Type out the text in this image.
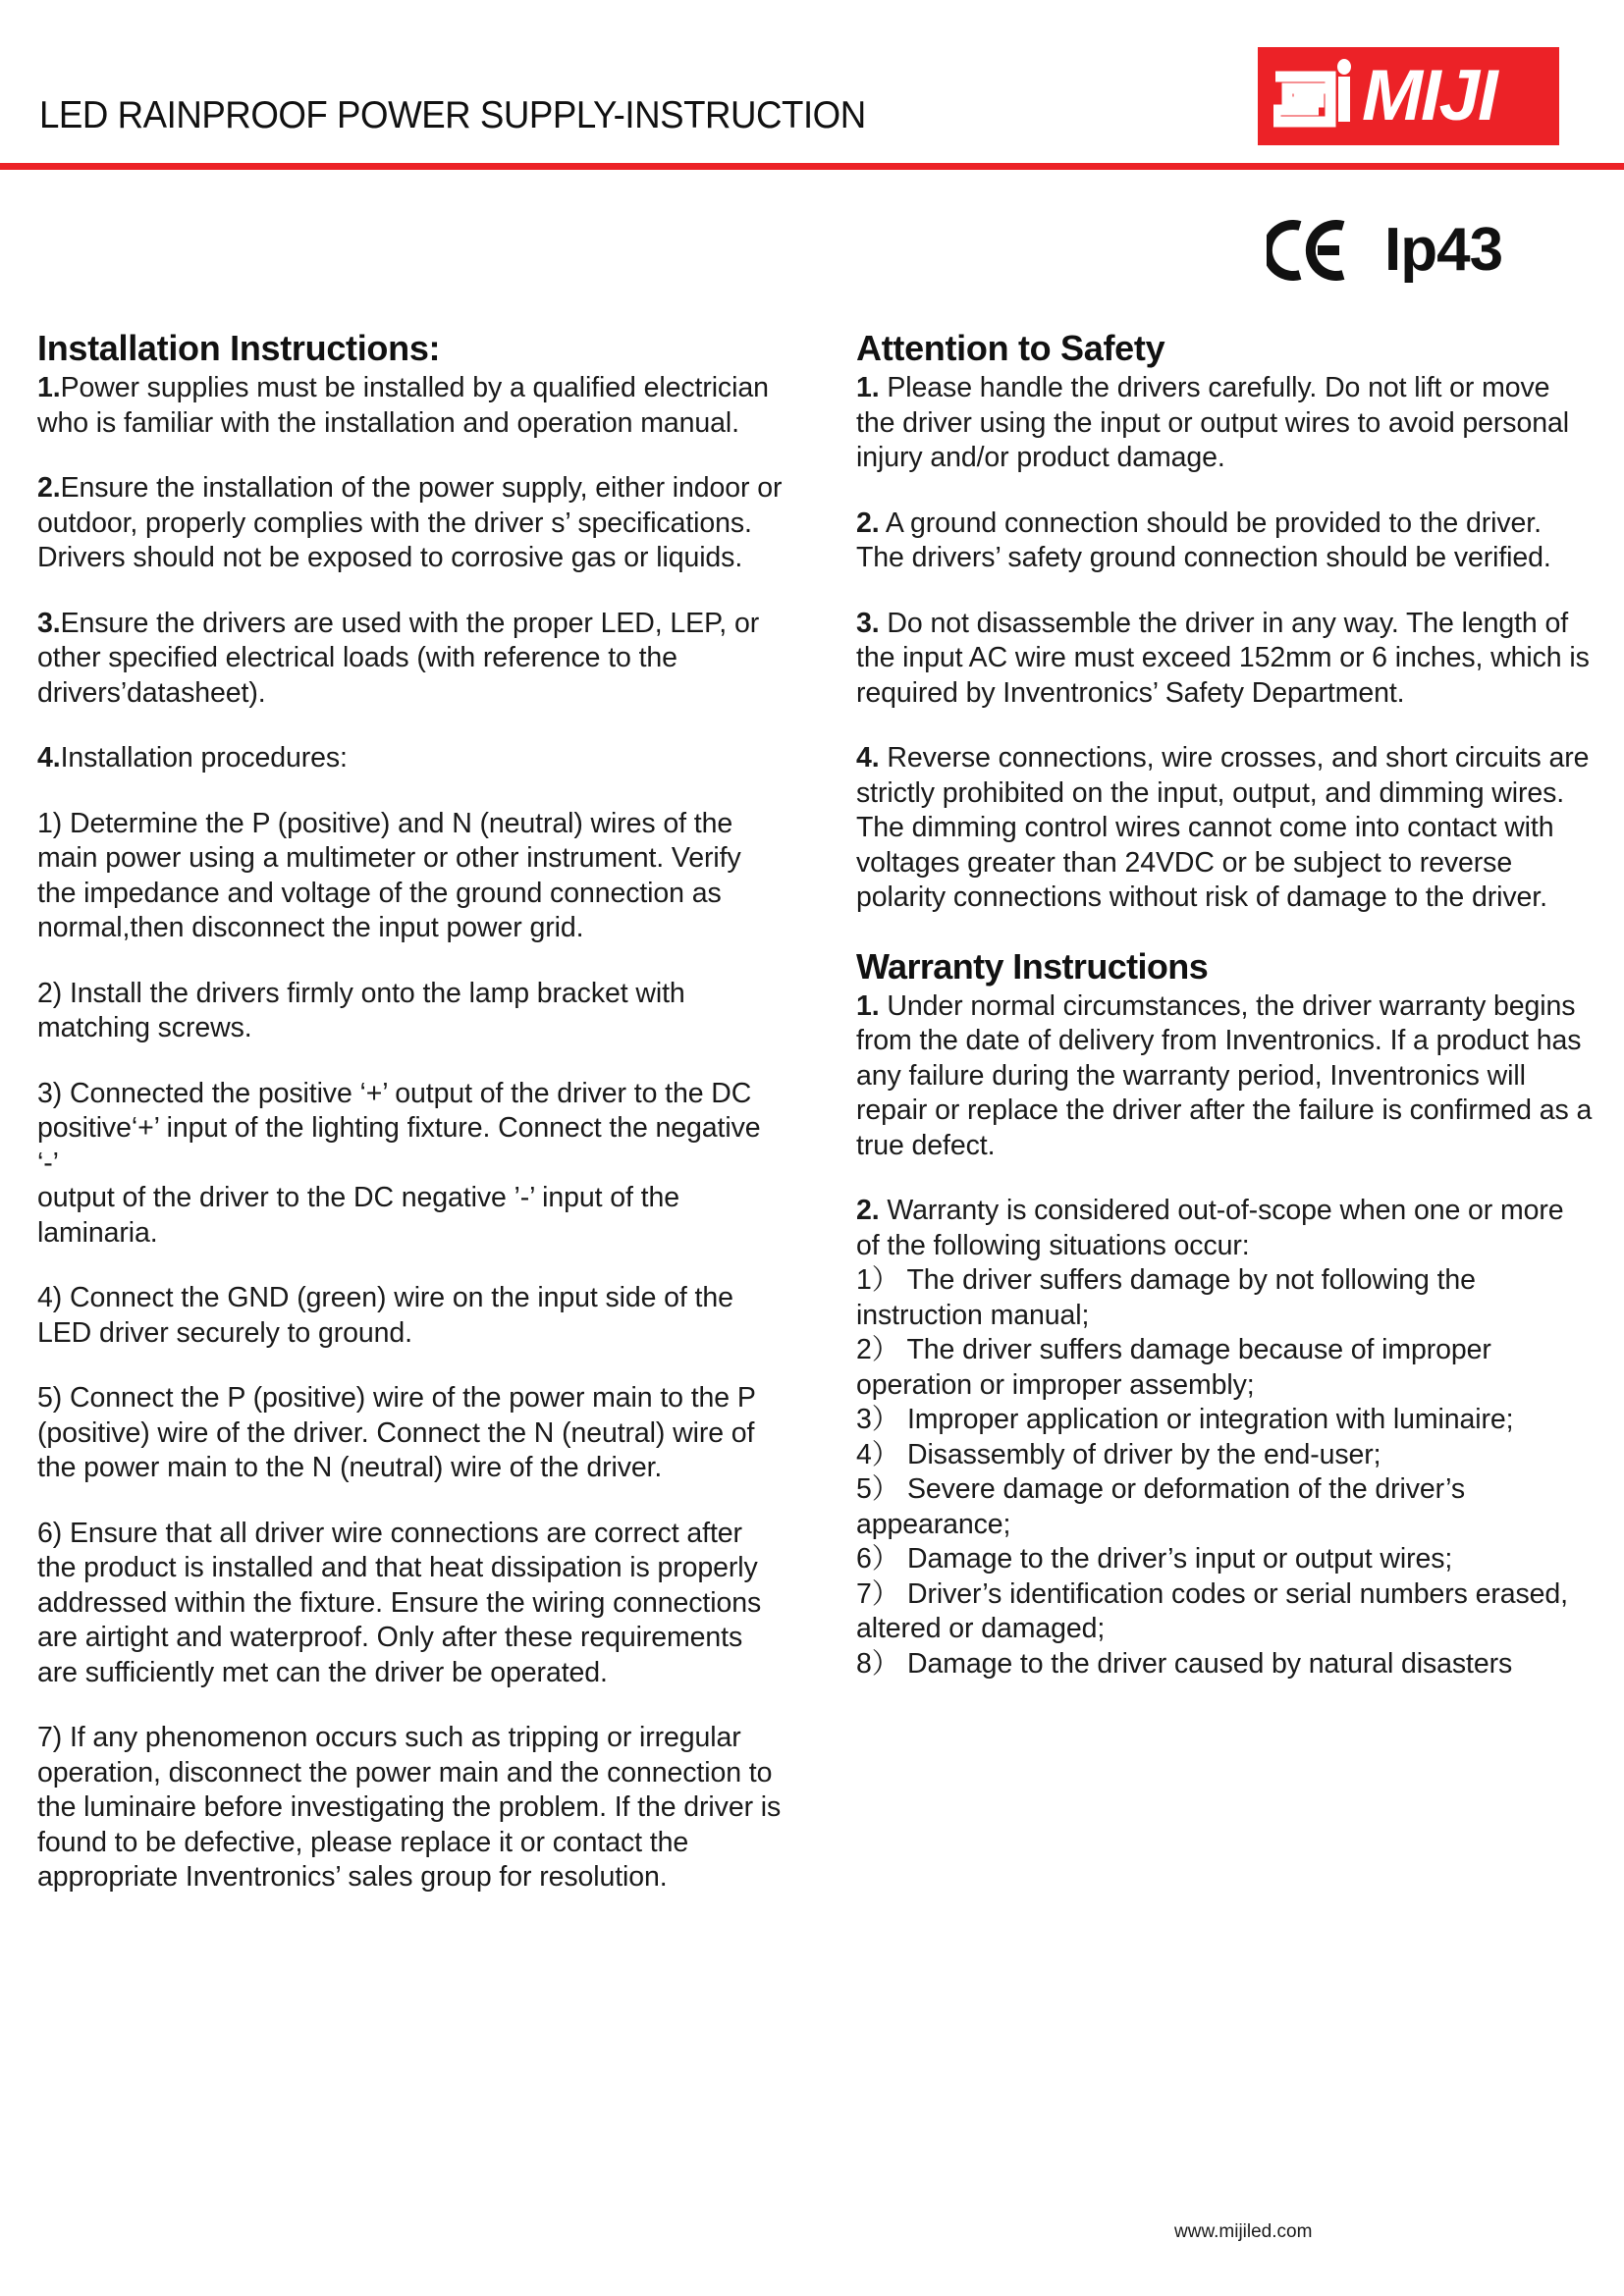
LED RAINPROOF POWER SUPPLY-INSTRUCTION	MIJI
Ip43
Installation Instructions:

1.Power supplies must be installed by a qualified electrician who is familiar with the installation and operation manual.

2.Ensure the installation of the power supply, either indoor or outdoor, properly complies with the driver s’ specifications. Drivers should not be exposed to corrosive gas or liquids.

3.Ensure the drivers are used with the proper LED, LEP, or other specified electrical loads (with reference to the drivers’datasheet).

4.Installation procedures:

1) Determine the P (positive) and N (neutral) wires of the main power using a multimeter or other instrument. Verify the impedance and voltage of the ground connection as normal,then disconnect the input power grid.

2) Install the drivers firmly onto the lamp bracket with matching screws.

3) Connected the positive ‘+’ output of the driver to the DC positive‘+’ input of the lighting fixture. Connect the negative ‘-’

output of the driver to the DC negative ’-’ input of the laminaria.

4) Connect the GND (green) wire on the input side of the LED driver securely to ground.

5) Connect the P (positive) wire of the power main to the P (positive) wire of the driver. Connect the N (neutral) wire of the power main to the N (neutral) wire of the driver.

6) Ensure that all driver wire connections are correct after the product is installed and that heat dissipation is properly addressed within the fixture. Ensure the wiring connections are airtight and waterproof. Only after these requirements are sufficiently met can the driver be operated.

7) If any phenomenon occurs such as tripping or irregular operation, disconnect the power main and the connection to

the luminaire before investigating the problem. If the driver is found to be defective, please replace it or contact the appropriate Inventronics’ sales group for resolution.

Attention to Safety

1. Please handle the drivers carefully. Do not lift or move the driver using the input or output wires to avoid personal injury and/or product damage.

2. A ground connection should be provided to the driver. The drivers’ safety ground connection should be verified.

3. Do not disassemble the driver in any way. The length of the input AC wire must exceed 152mm or 6 inches, which is required by Inventronics’ Safety Department.

4. Reverse connections, wire crosses, and short circuits are strictly prohibited on the input, output, and dimming wires. The dimming control wires cannot come into contact with voltages greater than 24VDC or be subject to reverse polarity connections without risk of damage to the driver.

Warranty Instructions

1. Under normal circumstances, the driver warranty begins from the date of delivery from Inventronics. If a product has any failure during the warranty period, Inventronics will repair or replace the driver after the failure is confirmed as a true defect.

2. Warranty is considered out-of-scope when one or more of the following situations occur:

1） The driver suffers damage by not following the instruction manual;

2） The driver suffers damage because of improper operation or improper assembly;

3） Improper application or integration with luminaire;

4） Disassembly of driver by the end-user;

5） Severe damage or deformation of the driver’s appearance;

6） Damage to the driver’s input or output wires;

7） Driver’s identification codes or serial numbers erased, altered or damaged;

8） Damage to the driver caused by natural disasters

www.mijiled.com
